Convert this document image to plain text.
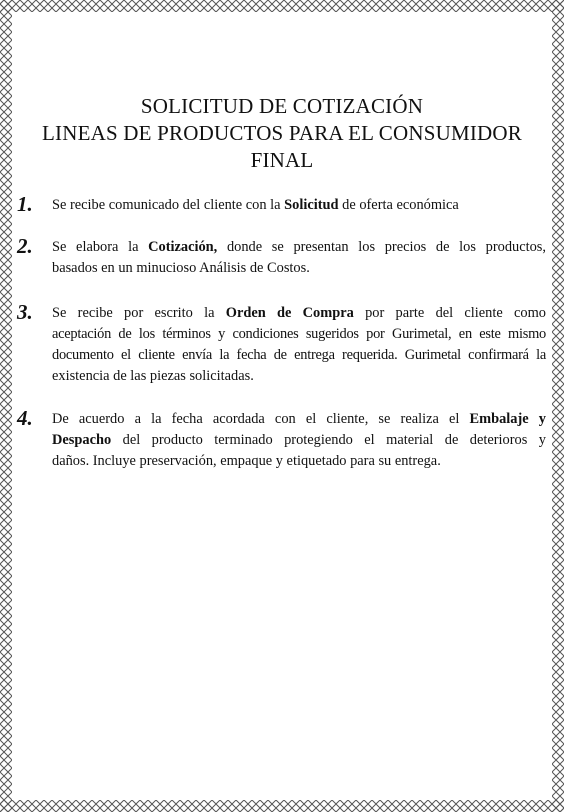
SOLICITUD DE COTIZACIÓN
LINEAS DE PRODUCTOS PARA EL CONSUMIDOR
FINAL
1. Se recibe comunicado del cliente con la Solicitud de oferta económica
2. Se elabora la Cotización, donde se presentan los precios de los productos,
basados en un minucioso Análisis de Costos.
3. Se recibe por escrito la Orden de Compra por parte del cliente como
aceptación de los términos y condiciones sugeridos por Gurimetal, en este mismo
documento el cliente envía la fecha de entrega requerida. Gurimetal confirmará la
existencia de las piezas solicitadas.
4. De acuerdo a la fecha acordada con el cliente, se realiza el Embalaje y
Despacho del producto terminado protegiendo el material de deterioros y
daños. Incluye preservación, empaque y etiquetado para su entrega.
